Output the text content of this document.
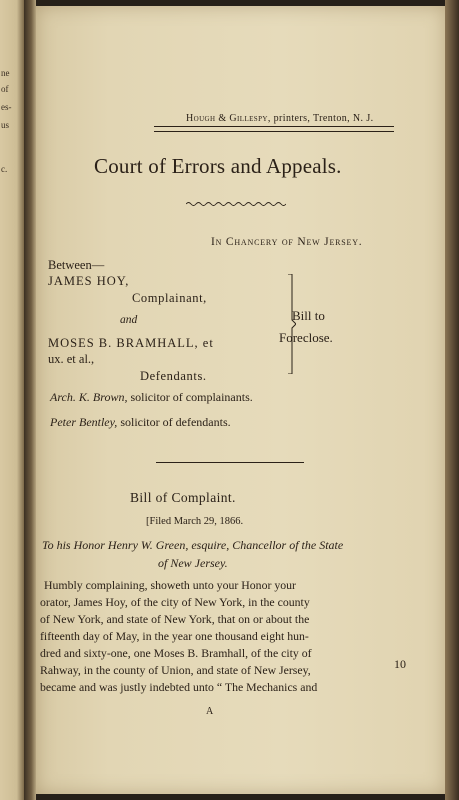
ne
of
es-
us
c.
Hough & Gillespy, printers, Trenton, N. J.
Court of Errors and Appeals.
In Chancery of New Jersey.
Between—
JAMES HOY,
Complainant,
and
MOSES B. BRAMHALL, et
ux. et al.,
Defendants.
Bill to
Foreclose.
Arch. K. Brown, solicitor of complainants.
Peter Bentley, solicitor of defendants.
Bill of Complaint.
[Filed March 29, 1866.
To his Honor Henry W. Green, esquire, Chancellor of the State
of New Jersey.
Humbly complaining, showeth unto your Honor your
orator, James Hoy, of the city of New York, in the county
of New York, and state of New York, that on or about the
fifteenth day of May, in the year one thousand eight hun-
dred and sixty-one, one Moses B. Bramhall, of the city of
Rahway, in the county of Union, and state of New Jersey,
became and was justly indebted unto “ The Mechanics and
10
A
